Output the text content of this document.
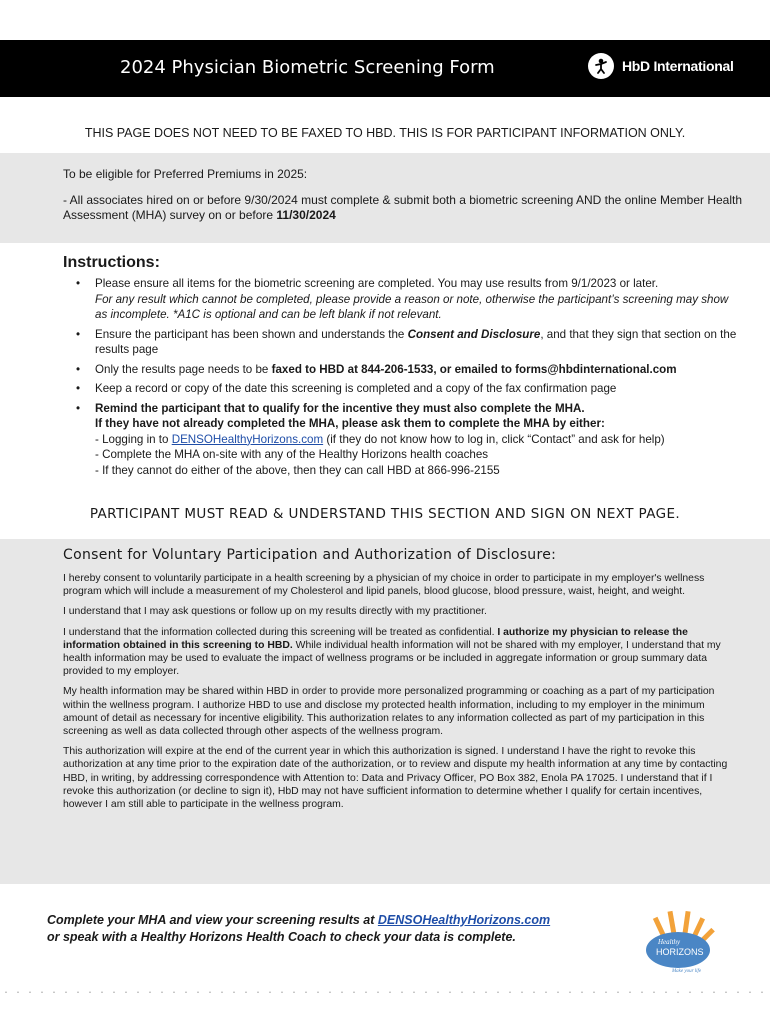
2024 Physician Biometric Screening Form	HbD International
THIS PAGE DOES NOT NEED TO BE FAXED TO HBD. THIS IS FOR PARTICIPANT INFORMATION ONLY.
To be eligible for Preferred Premiums in 2025:
- All associates hired on or before 9/30/2024 must complete & submit both a biometric screening AND the online Member Health Assessment (MHA) survey on or before 11/30/2024
Instructions:
• Please ensure all items for the biometric screening are completed. You may use results from 9/1/2023 or later.
For any result which cannot be completed, please provide a reason or note, otherwise the participant’s screening may show as incomplete. *A1C is optional and can be left blank if not relevant.
• Ensure the participant has been shown and understands the Consent and Disclosure, and that they sign that section on the results page
• Only the results page needs to be faxed to HBD at 844-206-1533, or emailed to forms@hbdinternational.com
• Keep a record or copy of the date this screening is completed and a copy of the fax confirmation page
• Remind the participant that to qualify for the incentive they must also complete the MHA.
If they have not already completed the MHA, please ask them to complete the MHA by either:
- Logging in to DENSOHealthyHorizons.com (if they do not know how to log in, click “Contact” and ask for help)
- Complete the MHA on-site with any of the Healthy Horizons health coaches
- If they cannot do either of the above, then they can call HBD at 866-996-2155
PARTICIPANT MUST READ & UNDERSTAND THIS SECTION AND SIGN ON NEXT PAGE.
Consent for Voluntary Participation and Authorization of Disclosure:

I hereby consent to voluntarily participate in a health screening by a physician of my choice in order to participate in my employer's wellness program which will include a measurement of my Cholesterol and lipid panels, blood glucose, blood pressure, waist, height, and weight.

I understand that I may ask questions or follow up on my results directly with my practitioner.

I understand that the information collected during this screening will be treated as confidential. I authorize my physician to release the information obtained in this screening to HBD. While individual health information will not be shared with my employer, I understand that my health information may be used to evaluate the impact of wellness programs or be included in aggregate information or group summary data provided to my employer.

My health information may be shared within HBD in order to provide more personalized programming or coaching as a part of my participation within the wellness program. I authorize HBD to use and disclose my protected health information, including to my employer in the minimum amount of detail as necessary for incentive eligibility. This authorization relates to any information collected as part of my participation in this screening as well as data collected through other aspects of the wellness program.

This authorization will expire at the end of the current year in which this authorization is signed. I understand I have the right to revoke this authorization at any time prior to the expiration date of the authorization, or to review and dispute my health information at any time by contacting HBD, in writing, by addressing correspondence with Attention to: Data and Privacy Officer, PO Box 382, Enola PA 17025. I understand that if I revoke this authorization (or decline to sign it), HbD may not have sufficient information to determine whether I qualify for certain incentives, however I am still able to participate in the wellness program.

Complete your MHA and view your screening results at DENSOHealthyHorizons.com
or speak with a Healthy Horizons Health Coach to check your data is complete.	Healthy
HORIZONS
Make your life
